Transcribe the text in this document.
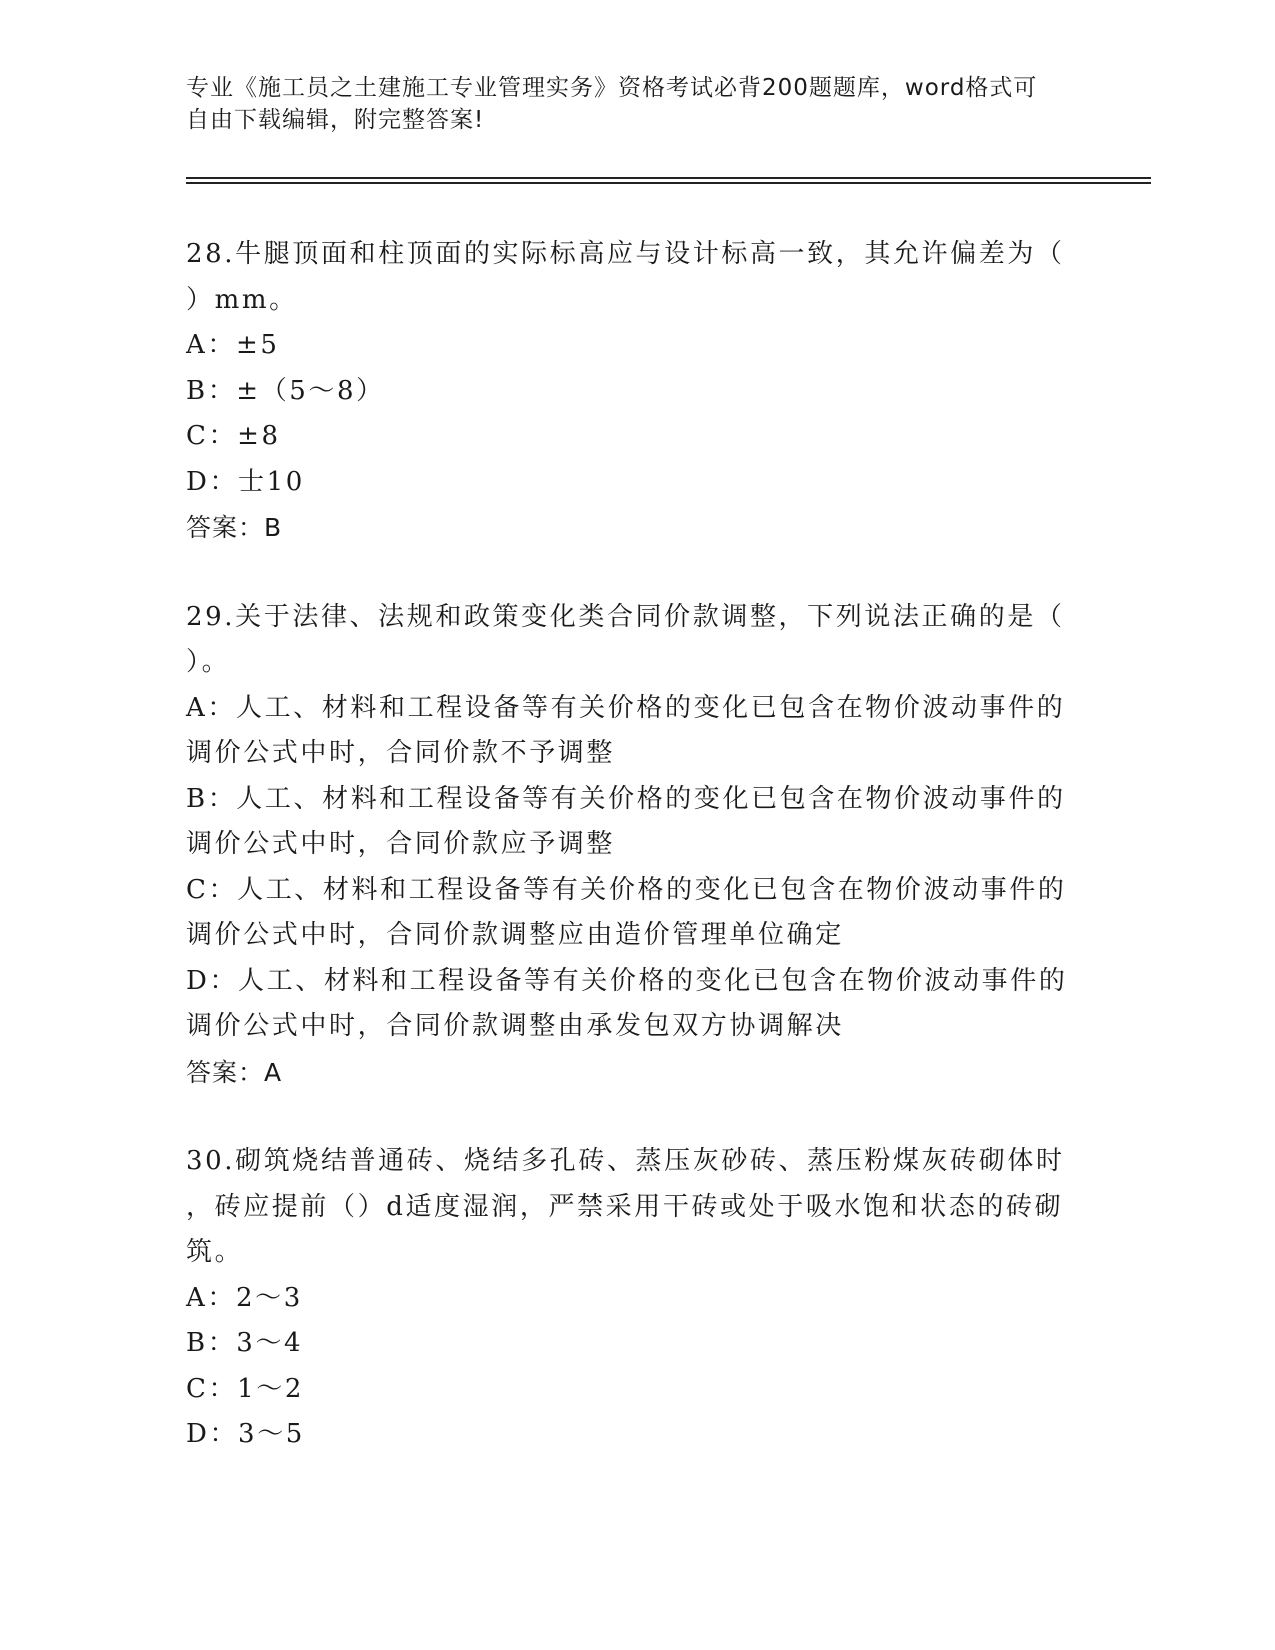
专业《施工员之土建施工专业管理实务》资格考试必背200题题库，word格式可
自由下载编辑，附完整答案!
28.牛腿顶面和柱顶面的实际标高应与设计标高一致，其允许偏差为（
）mm。
A：±5
B：±（5～8）
C：±8
D：士10
答案：B
29.关于法律、法规和政策变化类合同价款调整，下列说法正确的是（
）。
A：人工、材料和工程设备等有关价格的变化已包含在物价波动事件的
调价公式中时，合同价款不予调整
B：人工、材料和工程设备等有关价格的变化已包含在物价波动事件的
调价公式中时，合同价款应予调整
C：人工、材料和工程设备等有关价格的变化已包含在物价波动事件的
调价公式中时，合同价款调整应由造价管理单位确定
D：人工、材料和工程设备等有关价格的变化已包含在物价波动事件的
调价公式中时，合同价款调整由承发包双方协调解决
答案：A
30.砌筑烧结普通砖、烧结多孔砖、蒸压灰砂砖、蒸压粉煤灰砖砌体时
，砖应提前（）d适度湿润，严禁采用干砖或处于吸水饱和状态的砖砌
筑。
A：2～3
B：3～4
C：1～2
D：3～5
